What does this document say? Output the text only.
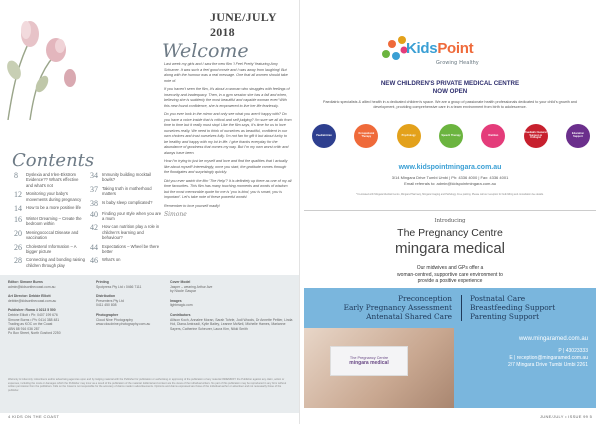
JUNE/JULY 2018
Welcome

Last week my girls and I saw the new film 'I Feel Pretty' featuring Amy Schumer. It was such a feel good movie and I was away from laughing! But along with the humour was a real message. One that all women should take note of.

If you haven't seen the film, it's about a woman who struggles with feelings of insecurity and inadequacy. Then, in a gym session she has a fall and when, believing she is suddenly the most beautiful and capable woman ever! With this new found confidence, she is empowered to live her life fearlessly.

Do you ever look in the mirror and only see what you aren't happy with? Do you have a voice inside that is critical and self judging? I'm sure we all do from time to time but it really must stop! Like the film says, it's time for us to love ourselves really. We need to think of ourselves as beautiful, confident in our own choices and trust ourselves fully. I'm not fan for gift it but about lucky to be healthy and happy with my lot in life. I give thanks everyday for the abundance of goodness that comes my way. But I'm my own worst critic and always have been.

How I'm trying to just be myself and love and find the qualities that I actually like about myself! Interestingly, once you start, the gratitude comes through the floodgates and surprisingly quickly.

Did you ever watch the film 'The Help'? It is definitely up there as one of my all time favourites. This film has many touching moments and words of wisdom but the most memorable quote for me is 'you is kind, you is smart, you is important'. Let's take note of these powerful words!

Remember to love yourself madly!

Simone
Contents
8	Dyslexia and Irlen-Ekstrom Evidence?? What's effective and what's not
12 Monitoring your baby's movements during pregnancy
14 How to be a more positive life
16 Winter Dreaming – Create the bedroom within
20 Meningococcal Disease and vaccination
26 Cholesterol Information – A bigger picture
28 Connecting and bonding raising children through play
34 Immunity building mocktail bowls?
37 Taking truth in motherhood matters
38 Is baby sleep complicated?
40 Finding your style when you are a mum
42 How can nutrition play a role in children's learning and behaviour?
44 Expectations – Wheel be there better
46 What's on
Editor: Simone Burns
admin@kidsonthecoast.com.au
Art Director: Debbie Elliott
debbie@kidsonthecoast.com.au
Publisher: Roma 4 0213 5 500
Debbie Elliott • Ph: 0407 199 676
Simone Burns • Ph: 0414 388 481
Trading as KOC on the Coast
ABN 88 916 036 287
Po Box Street, North Gosford 2250
Printing
Spotpress Pty Ltd • 0466 7111
Distribution
Presenters Pty Ltd
0411 450 808
Photographer
Cloud Nine Photography
www.cloudnine.photography.com.au
Cover Model
Jasper – wearing Arthur Ave
by Nicole Gaspar
Images
lightmagic.com
Contributors
Allison Koch, Annalee Moran, Sarah Tohrle, Jodi Woods, Dr Annette Peltier, Linda Hol, Diana Amirzadi, Kylie Bailey, Leanne McNeil, Michelle Hames, Marianne Sayers, Catherine Scheurer, Laura Kim, Nikki Smith
Warranty & Indemnity: Advertisers and/or advertising agencies upon and by lodging material with the Publisher for publication or authorising or approving of the publication of any material INDEMNIFY the Publisher against any claim, action or expenses, including the costs or damages which the Publisher may incur as a result of the publication of the material. Editorial and content are the views of the individual writers. No part of this publication may be reproduced in any form without written permission from the publishers. Kids on the Coast is not responsible for the accuracy of claims made in advertisements. Opinions and claims expressed are those of the individual author or advertiser and not necessarily those of the publisher.
4 KIDS ON THE COAST
KidsPoint
Growing Healthy
NEW CHILDREN'S PRIVATE MEDICAL CENTRE
NOW OPEN
Paediatric specialists & allied health in a dedicated children's space. We are a group of passionate health professionals dedicated to your child's growth and development, providing comprehensive care in a team environment from birth to adolescence.
Paediatrician	Occupational Therapy	Psychology	Speech Therapy	Dietitian
Paediatric General Surgeon & Urologist
Education Support
www.kidspointmingara.com.au
3/14 Mingara Drive Tumbi Umbi | Ph: 4336 4000 | Fax: 4336 4001
Email referrals to: admin@kidspointmingara.com.au
*Co-located with Mingara Medical Centre, Mingara Pharmacy, Mingara Imaging and Pathology. Free parking. Please call our reception for bulk billing and consultation fee details.
Introducing
The Pregnancy Centre
mingara medical
Our midwives and GPs offer a
woman-centred, supportive care environment to
provide a positive experience
Preconception
Early Pregnancy Assessment
Antenatal Shared Care
Postnatal Care
Breastfeeding Support
Parenting Support
The Pregnancy Centre
mingara medical
www.mingaramed.com.au
P | 43023333
E | reception@mingaramed.com.au
2/7 Mingara Drive Tumbi Umbi 2261
JUNE/JULY • ISSUE 99 5
